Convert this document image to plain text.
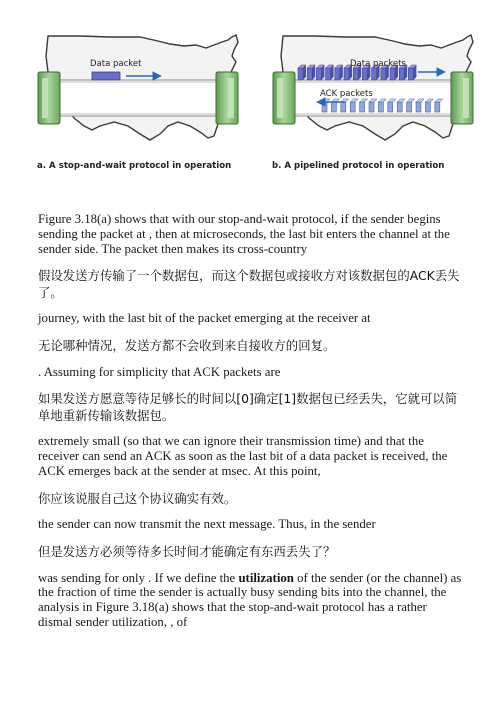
Data packet	Data packets
ACK packets
a. A stop-and-wait protocol in operation	b. A pipelined protocol in operation

Figure 3.18(a) shows that with our stop-and-wait protocol, if the sender begins sending the packet at , then at microseconds, the last bit enters the channel at the sender side. The packet then makes its cross-country

假设发送方传输了一个数据包，而这个数据包或接收方对该数据包的ACK丢失了。

journey, with the last bit of the packet emerging at the receiver at

无论哪种情况，发送方都不会收到来自接收方的回复。

. Assuming for simplicity that ACK packets are

如果发送方愿意等待足够长的时间以[0]确定[1]数据包已经丢失，它就可以简单地重新传输该数据包。

extremely small (so that we can ignore their transmission time) and that the receiver can send an ACK as soon as the last bit of a data packet is received, the ACK emerges back at the sender at msec. At this point,

你应该说服自己这个协议确实有效。

the sender can now transmit the next message. Thus, in the sender

但是发送方必须等待多长时间才能确定有东西丢失了？

was sending for only . If we define the utilization of the sender (or the channel) as the fraction of time the sender is actually busy sending bits into the channel, the analysis in Figure 3.18(a) shows that the stop-and-wait protocol has a rather dismal sender utilization, , of
